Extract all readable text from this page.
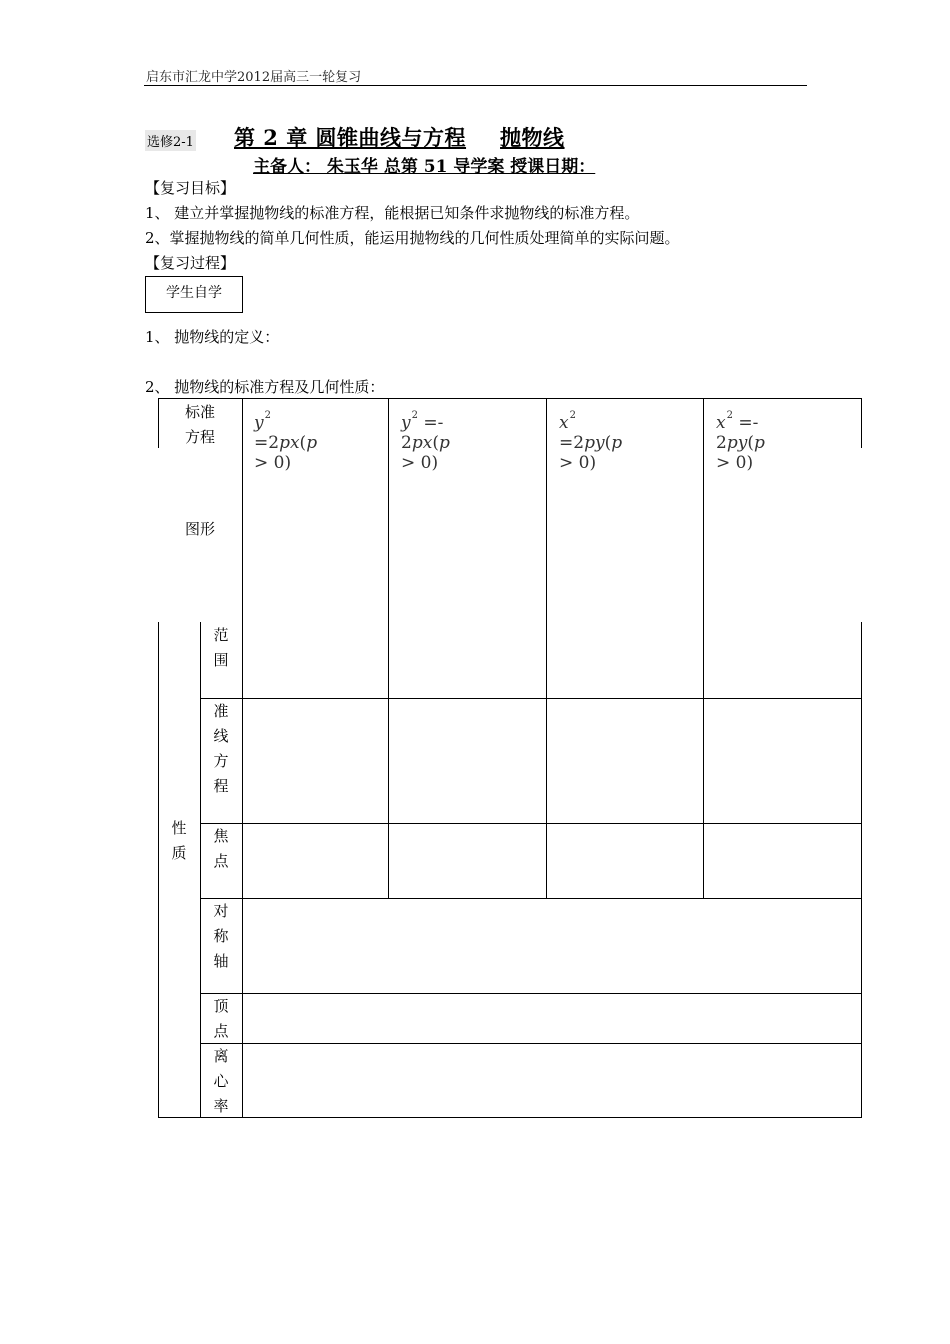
启东市汇龙中学2012届高三一轮复习
选修2-1 第 2 章 圆锥曲线与方程 抛物线
主备人： 朱玉华 总第 51 导学案 授课日期：
【复习目标】
1、 建立并掌握抛物线的标准方程，能根据已知条件求抛物线的标准方程。
2、掌握抛物线的简单几何性质，能运用抛物线的几何性质处理简单的实际问题。
【复习过程】
学生自学
1、 抛物线的定义：
2、 抛物线的标准方程及几何性质：
标准
方程
$y^2 =2px(p > 0)$
$y^2 =- 2px(p > 0)$
$x^2 =2py(p > 0)$
$x^2 =- 2py(p > 0)$
图形
性
质
范
围
准
线
方
程
焦
点
对
称
轴
顶
点
离
心
率
